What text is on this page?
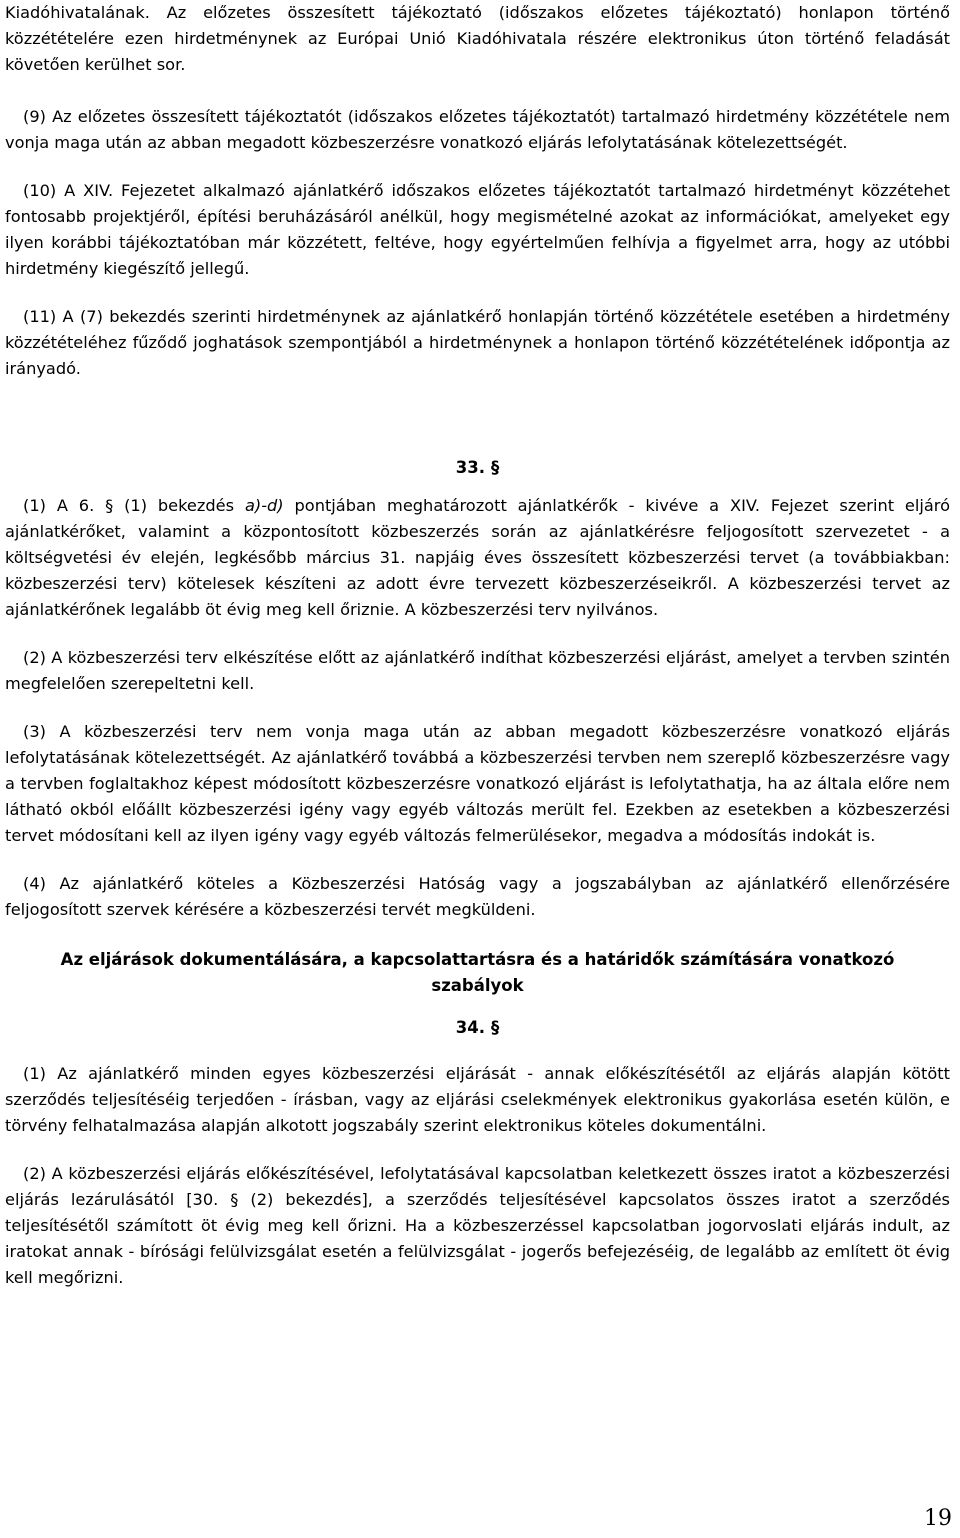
Kiadóhivatalának. Az előzetes összesített tájékoztató (időszakos előzetes tájékoztató) honlapon történő közzétételére ezen hirdetménynek az Európai Unió Kiadóhivatala részére elektronikus úton történő feladását követően kerülhet sor.

(9) Az előzetes összesített tájékoztatót (időszakos előzetes tájékoztatót) tartalmazó hirdetmény közzététele nem vonja maga után az abban megadott közbeszerzésre vonatkozó eljárás lefolytatásának kötelezettségét.

(10) A XIV. Fejezetet alkalmazó ajánlatkérő időszakos előzetes tájékoztatót tartalmazó hirdetményt közzétehet fontosabb projektjéről, építési beruházásáról anélkül, hogy megismételné azokat az információkat, amelyeket egy ilyen korábbi tájékoztatóban már közzétett, feltéve, hogy egyértelműen felhívja a figyelmet arra, hogy az utóbbi hirdetmény kiegészítő jellegű.

(11) A (7) bekezdés szerinti hirdetménynek az ajánlatkérő honlapján történő közzététele esetében a hirdetmény közzétételéhez fűződő joghatások szempontjából a hirdetménynek a honlapon történő közzétételének időpontja az irányadó.

33. §

(1) A 6. § (1) bekezdés a)-d) pontjában meghatározott ajánlatkérők - kivéve a XIV. Fejezet szerint eljáró ajánlatkérőket, valamint a központosított közbeszerzés során az ajánlatkérésre feljogosított szervezetet - a költségvetési év elején, legkésőbb március 31. napjáig éves összesített közbeszerzési tervet (a továbbiakban: közbeszerzési terv) kötelesek készíteni az adott évre tervezett közbeszerzéseikről. A közbeszerzési tervet az ajánlatkérőnek legalább öt évig meg kell őriznie. A közbeszerzési terv nyilvános.

(2) A közbeszerzési terv elkészítése előtt az ajánlatkérő indíthat közbeszerzési eljárást, amelyet a tervben szintén megfelelően szerepeltetni kell.

(3) A közbeszerzési terv nem vonja maga után az abban megadott közbeszerzésre vonatkozó eljárás lefolytatásának kötelezettségét. Az ajánlatkérő továbbá a közbeszerzési tervben nem szereplő közbeszerzésre vagy a tervben foglaltakhoz képest módosított közbeszerzésre vonatkozó eljárást is lefolytathatja, ha az általa előre nem látható okból előállt közbeszerzési igény vagy egyéb változás merült fel. Ezekben az esetekben a közbeszerzési tervet módosítani kell az ilyen igény vagy egyéb változás felmerülésekor, megadva a módosítás indokát is.

(4) Az ajánlatkérő köteles a Közbeszerzési Hatóság vagy a jogszabályban az ajánlatkérő ellenőrzésére feljogosított szervek kérésére a közbeszerzési tervét megküldeni.

Az eljárások dokumentálására, a kapcsolattartásra és a határidők számítására vonatkozó szabályok

34. §

(1) Az ajánlatkérő minden egyes közbeszerzési eljárását - annak előkészítésétől az eljárás alapján kötött szerződés teljesítéséig terjedően - írásban, vagy az eljárási cselekmények elektronikus gyakorlása esetén külön, e törvény felhatalmazása alapján alkotott jogszabály szerint elektronikus köteles dokumentálni.

(2) A közbeszerzési eljárás előkészítésével, lefolytatásával kapcsolatban keletkezett összes iratot a közbeszerzési eljárás lezárulásától [30. § (2) bekezdés], a szerződés teljesítésével kapcsolatos összes iratot a szerződés teljesítésétől számított öt évig meg kell őrizni. Ha a közbeszerzéssel kapcsolatban jogorvoslati eljárás indult, az iratokat annak - bírósági felülvizsgálat esetén a felülvizsgálat - jogerős befejezéséig, de legalább az említett öt évig kell megőrizni.

19
